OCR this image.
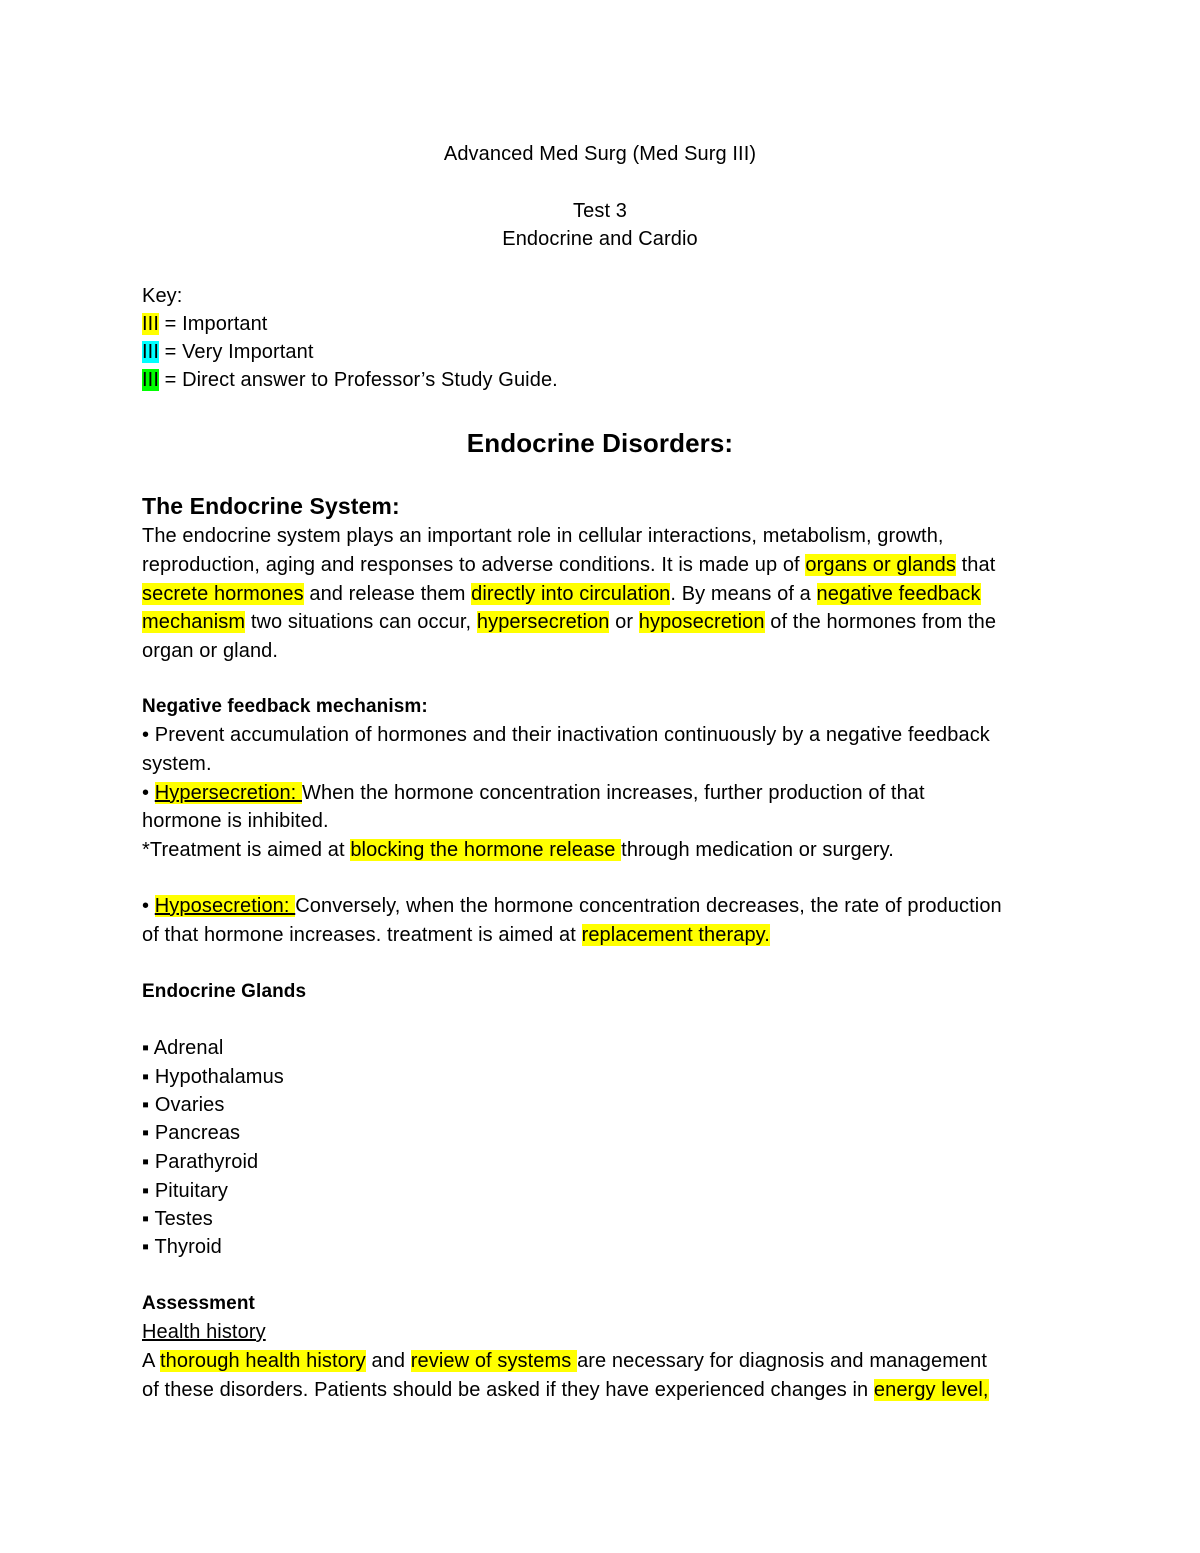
Advanced Med Surg (Med Surg III)
Test 3
Endocrine and Cardio
Key:
III = Important
III = Very Important
III = Direct answer to Professor’s Study Guide.
Endocrine Disorders:
The Endocrine System:
The endocrine system plays an important role in cellular interactions, metabolism, growth,
reproduction, aging and responses to adverse conditions. It is made up of organs or glands that
secrete hormones and release them directly into circulation. By means of a negative feedback
mechanism two situations can occur, hypersecretion or hyposecretion of the hormones from the
organ or gland.
Negative feedback mechanism:
• Prevent accumulation of hormones and their inactivation continuously by a negative feedback
system.
• Hypersecretion: When the hormone concentration increases, further production of that
hormone is inhibited.
*Treatment is aimed at blocking the hormone release through medication or surgery.
• Hyposecretion: Conversely, when the hormone concentration decreases, the rate of production
of that hormone increases. treatment is aimed at replacement therapy.
Endocrine Glands
▪ Adrenal
▪ Hypothalamus
▪ Ovaries
▪ Pancreas
▪ Parathyroid
▪ Pituitary
▪ Testes
▪ Thyroid
Assessment
Health history
A thorough health history and review of systems are necessary for diagnosis and management
of these disorders. Patients should be asked if they have experienced changes in energy level,
